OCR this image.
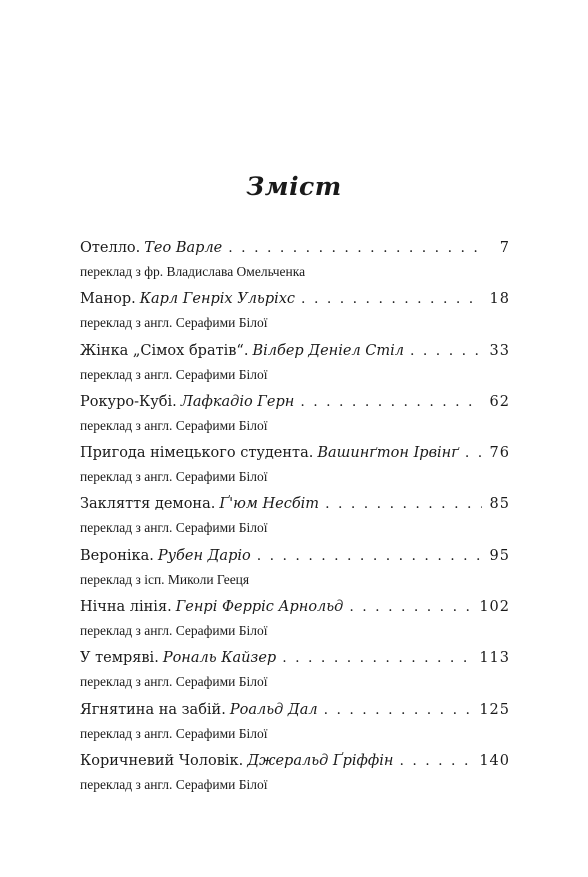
Зміст
Отелло. Тео Варле . . .	7
переклад з фр. Владислава Омельченка
Манор. Карл Генріх Ульріхс . . .	18
переклад з англ. Серафими Білої
Жінка „Сімох братів“. Вілбер Деніел Стіл . . .	33
переклад з англ. Серафими Білої
Рокуро-Кубі. Лафкадіо Герн . . .	62
переклад з англ. Серафими Білої
Пригода німецького студента. Вашинґтон Ірвінґ . . . 76
переклад з англ. Серафими Білої
Закляття демона. Ґ'юм Несбіт . . .	85
переклад з англ. Серафими Білої
Вероніка. Рубен Даріо . . .	95
переклад з ісп. Миколи Гееця
Нічна лінія. Генрі Ферріс Арнольд . . .	102
переклад з англ. Серафими Білої
У темряві. Рональ Кайзер . . .	113
переклад з англ. Серафими Білої
Ягнятина на забій. Роальд Дал . . .	125
переклад з англ. Серафими Білої
Коричневий Чоловік. Джеральд Ґріффін . . .	140
переклад з англ. Серафими Білої
